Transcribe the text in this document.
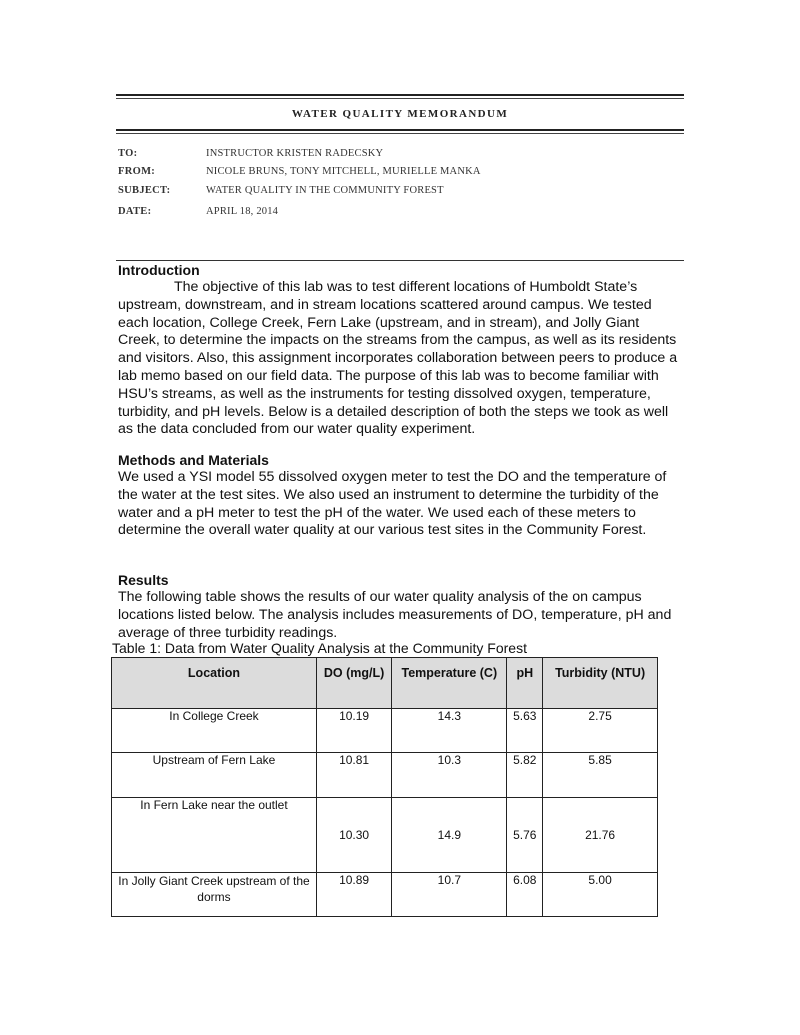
WATER QUALITY MEMORANDUM
TO:	INSTRUCTOR KRISTEN RADECSKY
FROM:	NICOLE BRUNS, TONY MITCHELL, MURIELLE MANKA
SUBJECT:	WATER QUALITY IN THE COMMUNITY FOREST
DATE:	APRIL 18, 2014
Introduction

The objective of this lab was to test different locations of Humboldt State’s upstream, downstream, and in stream locations scattered around campus. We tested each location, College Creek, Fern Lake (upstream, and in stream), and Jolly Giant Creek, to determine the impacts on the streams from the campus, as well as its residents and visitors. Also, this assignment incorporates collaboration between peers to produce a lab memo based on our field data. The purpose of this lab was to become familiar with HSU’s streams, as well as the instruments for testing dissolved oxygen, temperature, turbidity, and pH levels. Below is a detailed description of both the steps we took as well as the data concluded from our water quality experiment.

Methods and Materials

We used a YSI model 55 dissolved oxygen meter to test the DO and the temperature of the water at the test sites. We also used an instrument to determine the turbidity of the water and a pH meter to test the pH of the water. We used each of these meters to determine the overall water quality at our various test sites in the Community Forest.

Results

The following table shows the results of our water quality analysis of the on campus locations listed below. The analysis includes measurements of DO, temperature, pH and average of three turbidity readings.

Table 1: Data from Water Quality Analysis at the Community Forest
Location	DO (mg/L)	Temperature (C)	pH	Turbidity (NTU)
In College Creek	10.19	14.3	5.63	2.75
Upstream of Fern Lake	10.81	10.3	5.82	5.85
In Fern Lake near the outlet	10.30	14.9	5.76	21.76
In Jolly Giant Creek upstream of the dorms	10.89	10.7	6.08	5.00
